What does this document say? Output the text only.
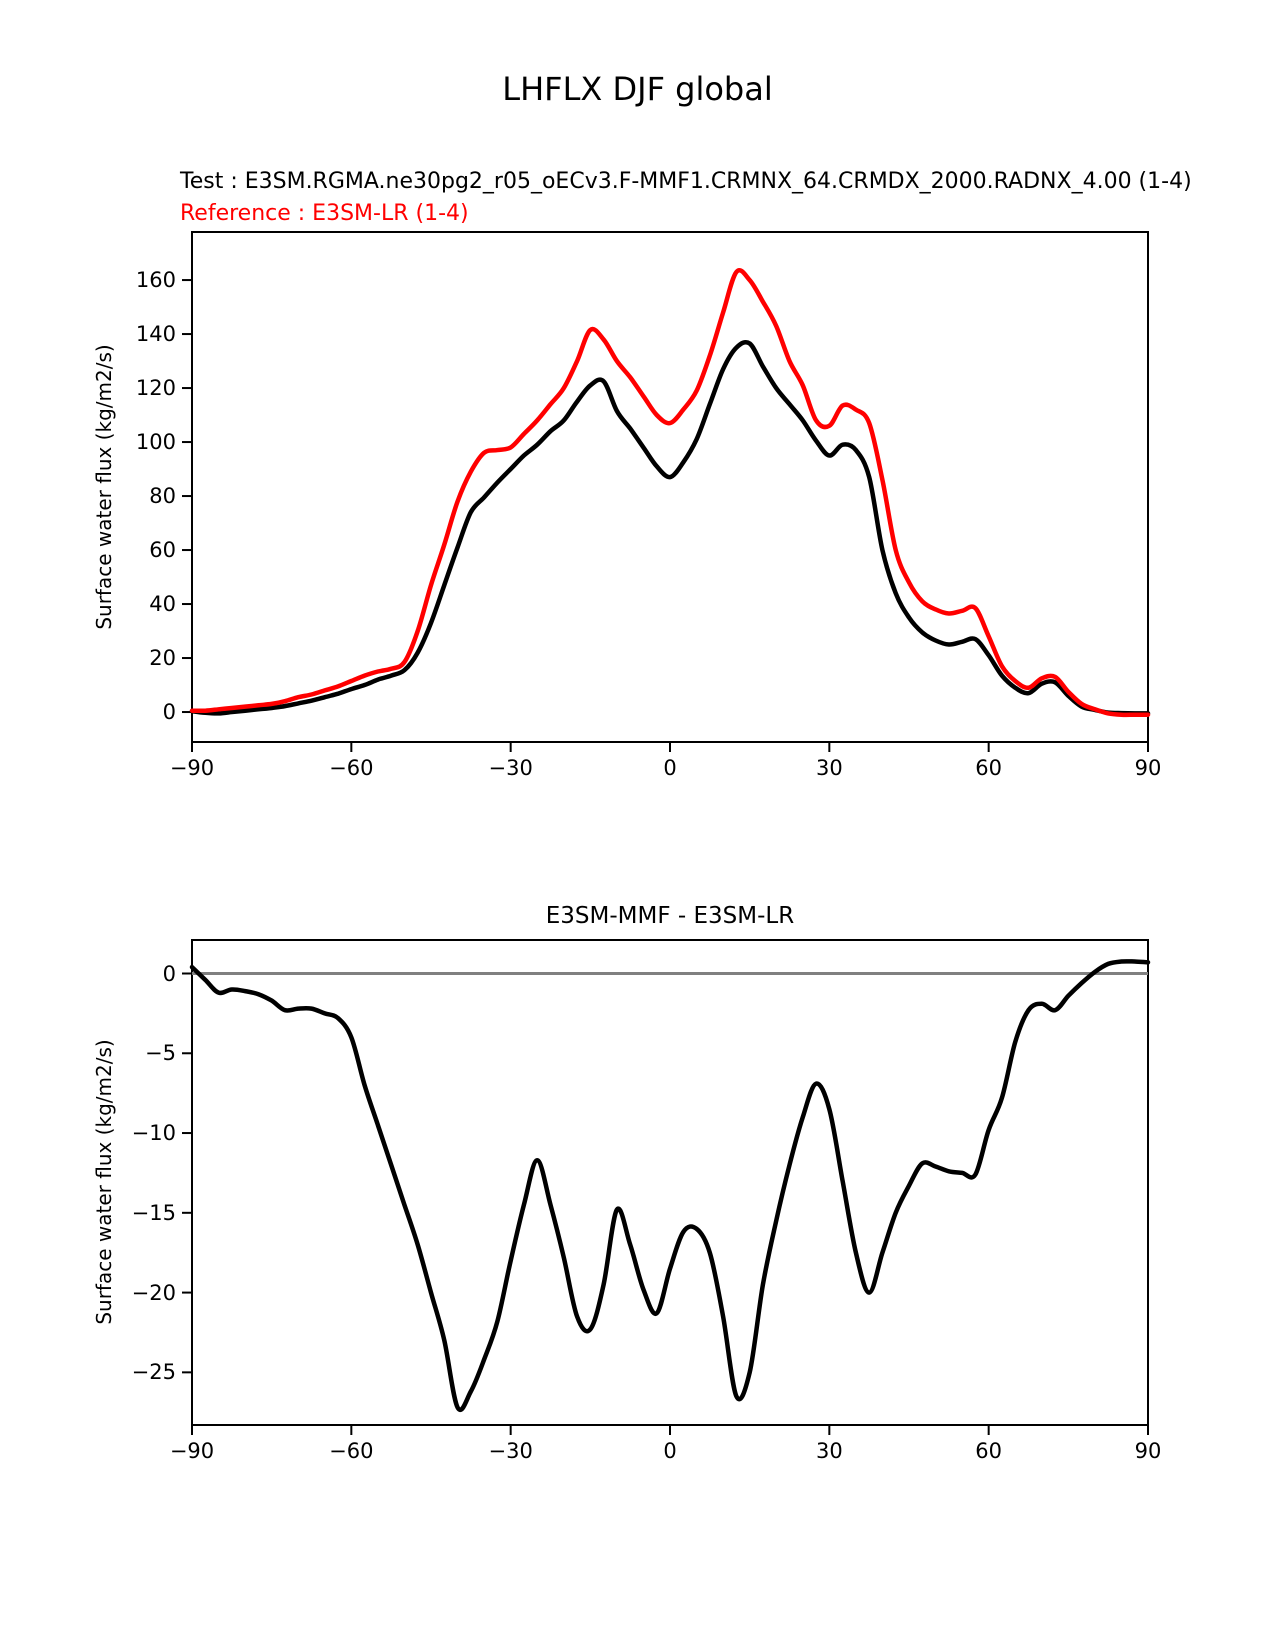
LHFLX DJF global
Test : E3SM.RGMA.ne30pg2_r05_oECv3.F-MMF1.CRMNX_64.CRMDX_2000.RADNX_4.00 (1-4)
Reference : E3SM-LR (1-4)
Surface water flux (kg/m2/s)
E3SM-MMF - E3SM-LR
Surface water flux (kg/m2/s)
−90	−60	−30	0	30	60	90
0
20
40
60
80
100
120
140
160
−90	−60	−30	0	30	60	90
0
−5
−10
−15
−20
−25
